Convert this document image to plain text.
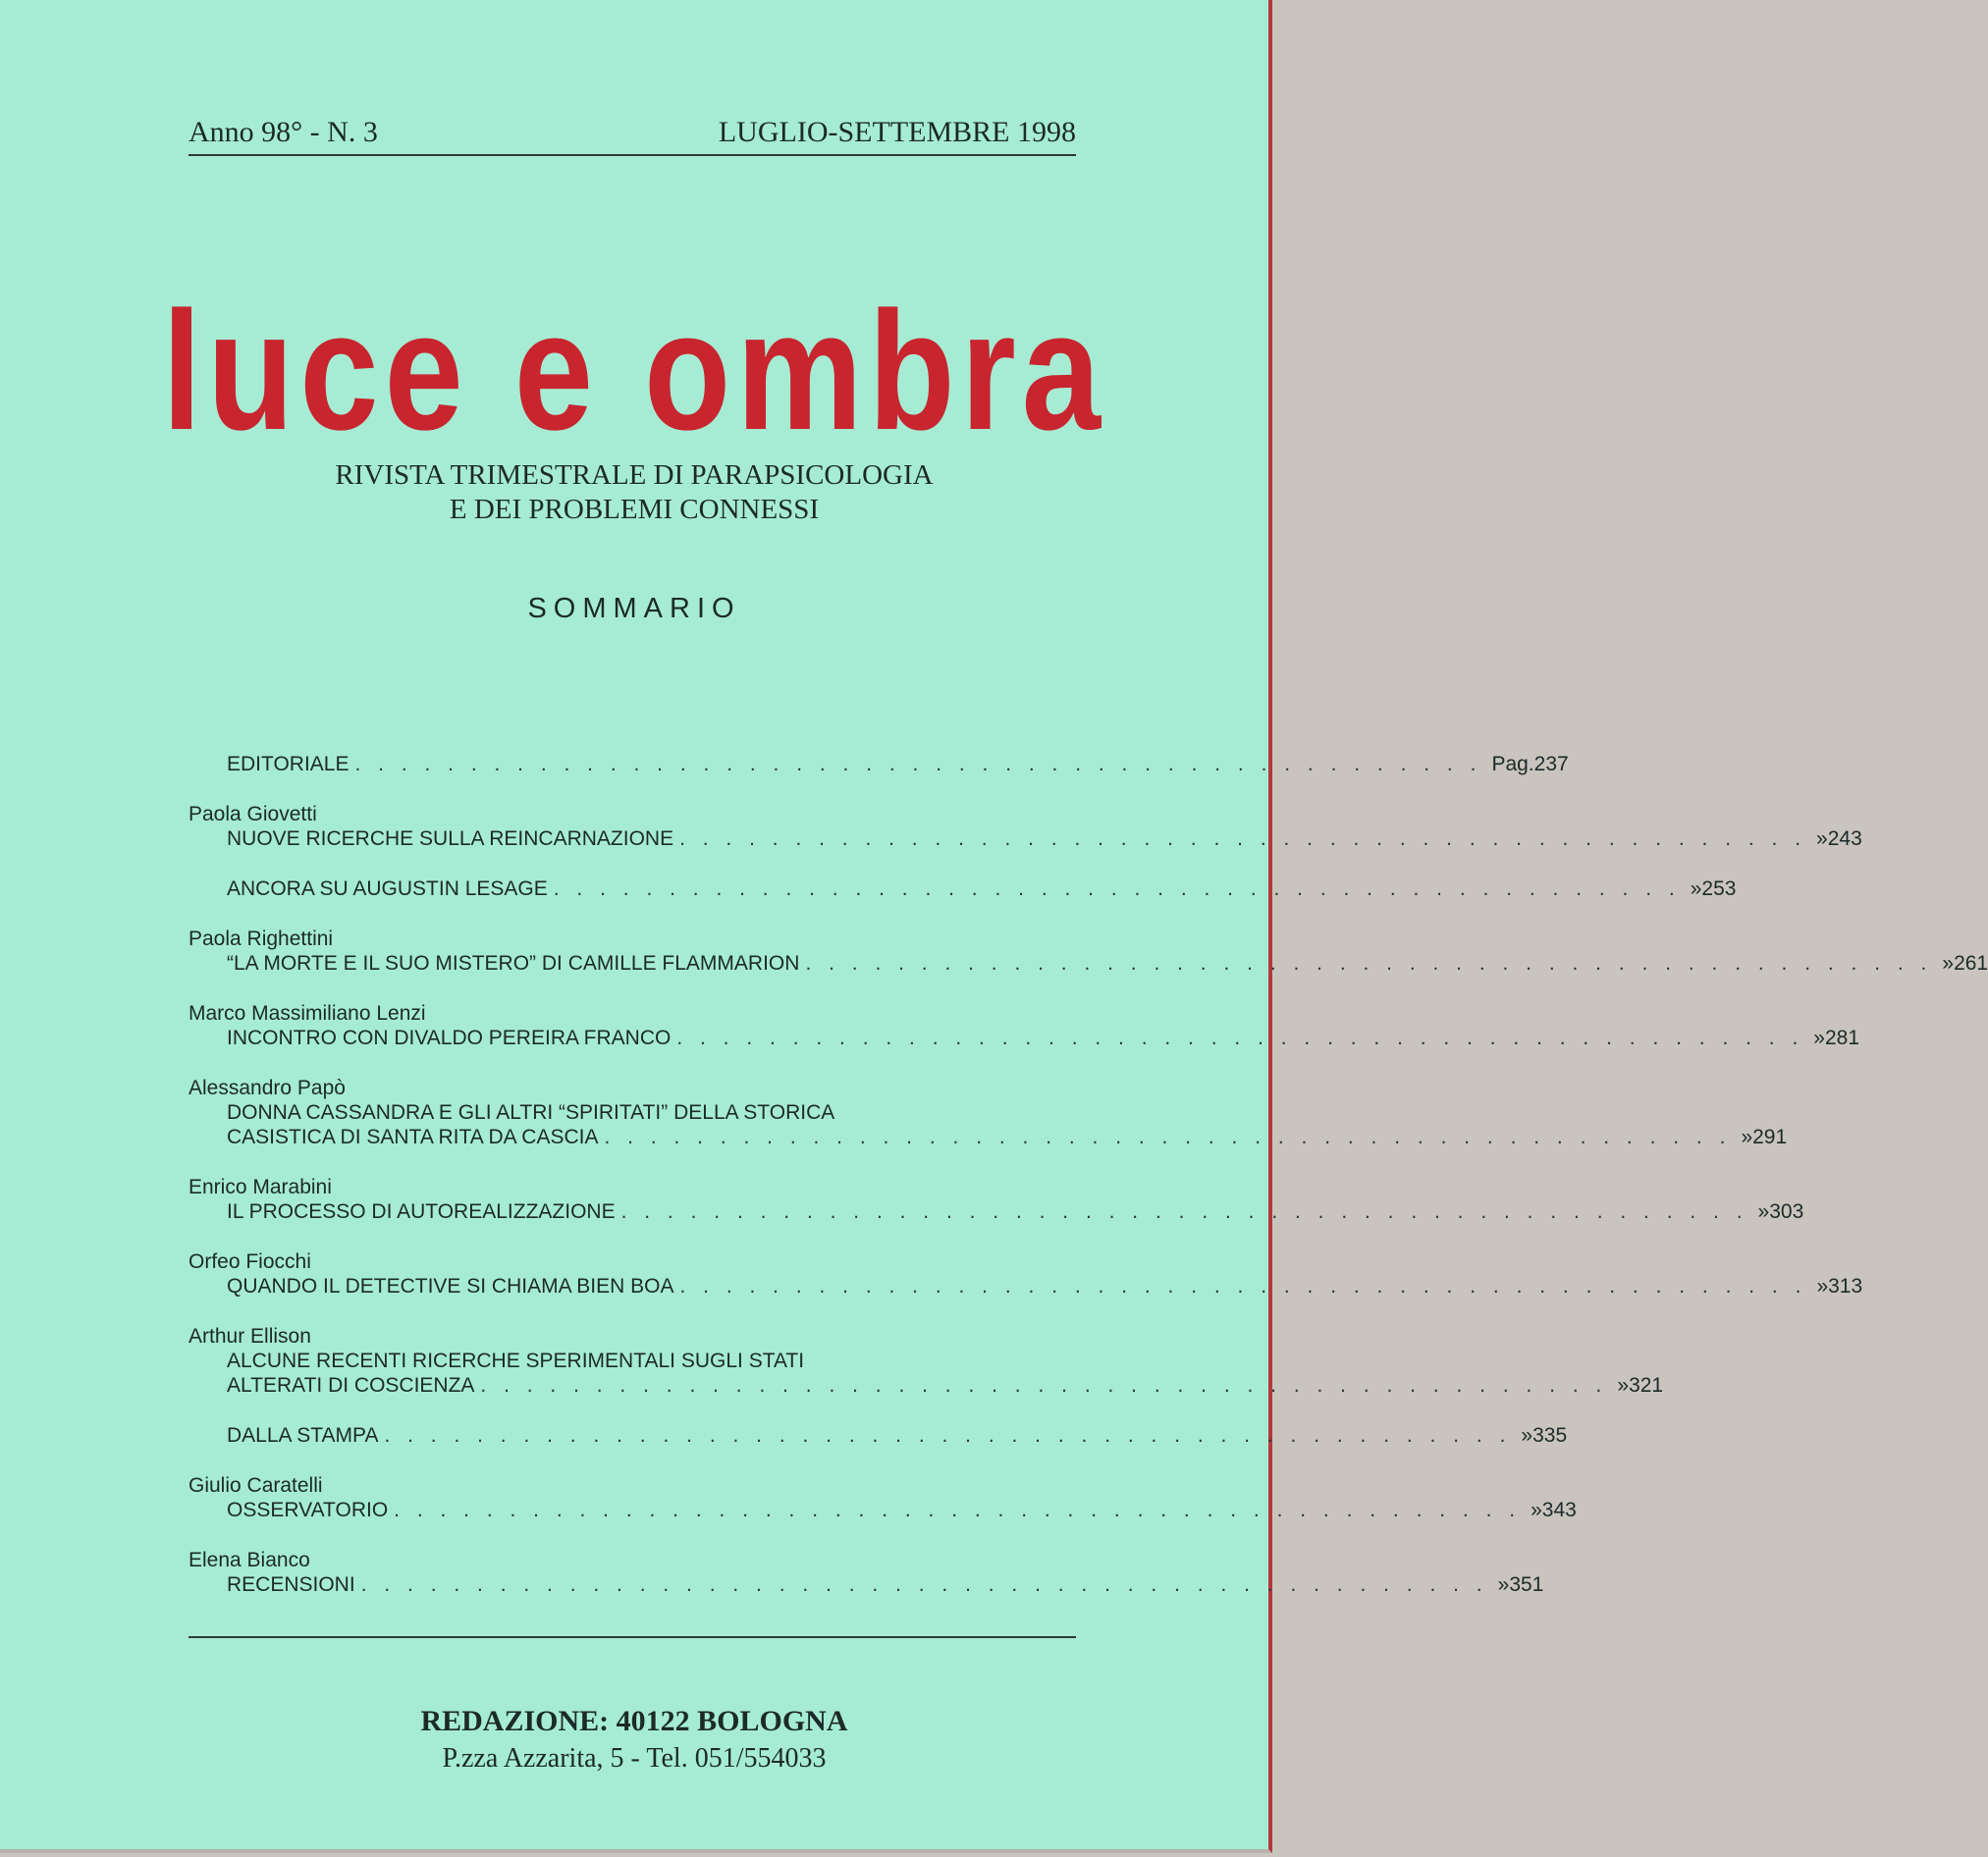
Anno 98° - N. 3	LUGLIO-SETTEMBRE 1998
luce e ombra
RIVISTA TRIMESTRALE DI PARAPSICOLOGIA
E DEI PROBLEMI CONNESSI
SOMMARIO
EDITORIALE . . . . . . . . . . . . . . . . . . . . . . . . . . . . . . . . . . . . . . . . . . . . . . . . . Pag. 237
Paola Giovetti
NUOVE RICERCHE SULLA REINCARNAZIONE . . . . . . . . . . . . . . . . . . . . . . . . . . . . . . . . . . . . . . . . . . . . . . . . . » 243
ANCORA SU AUGUSTIN LESAGE . . . . . . . . . . . . . . . . . . . . . . . . . . . . . . . . . . . . . . . . . . . . . . . . . » 253
Paola Righettini
“LA MORTE E IL SUO MISTERO” DI CAMILLE FLAMMARION . . . . . . . . . . . . . . . . . . . . . . . . . . . . . . . . . . . . . . . . . . . . . . . . . » 261
Marco Massimiliano Lenzi
INCONTRO CON DIVALDO PEREIRA FRANCO . . . . . . . . . . . . . . . . . . . . . . . . . . . . . . . . . . . . . . . . . . . . . . . . . » 281
Alessandro Papò
DONNA CASSANDRA E GLI ALTRI “SPIRITATI” DELLA STORICA
CASISTICA DI SANTA RITA DA CASCIA . . . . . . . . . . . . . . . . . . . . . . . . . . . . . . . . . . . . . . . . . . . . . . . . . » 291
Enrico Marabini
IL PROCESSO DI AUTOREALIZZAZIONE . . . . . . . . . . . . . . . . . . . . . . . . . . . . . . . . . . . . . . . . . . . . . . . . . » 303
Orfeo Fiocchi
QUANDO IL DETECTIVE SI CHIAMA BIEN BOA . . . . . . . . . . . . . . . . . . . . . . . . . . . . . . . . . . . . . . . . . . . . . . . . . » 313
Arthur Ellison
ALCUNE RECENTI RICERCHE SPERIMENTALI SUGLI STATI
ALTERATI DI COSCIENZA . . . . . . . . . . . . . . . . . . . . . . . . . . . . . . . . . . . . . . . . . . . . . . . . . » 321
DALLA STAMPA . . . . . . . . . . . . . . . . . . . . . . . . . . . . . . . . . . . . . . . . . . . . . . . . . » 335
Giulio Caratelli
OSSERVATORIO . . . . . . . . . . . . . . . . . . . . . . . . . . . . . . . . . . . . . . . . . . . . . . . . . » 343
Elena Bianco
RECENSIONI . . . . . . . . . . . . . . . . . . . . . . . . . . . . . . . . . . . . . . . . . . . . . . . . . » 351
REDAZIONE: 40122 BOLOGNA
P.zza Azzarita, 5 - Tel. 051/554033
